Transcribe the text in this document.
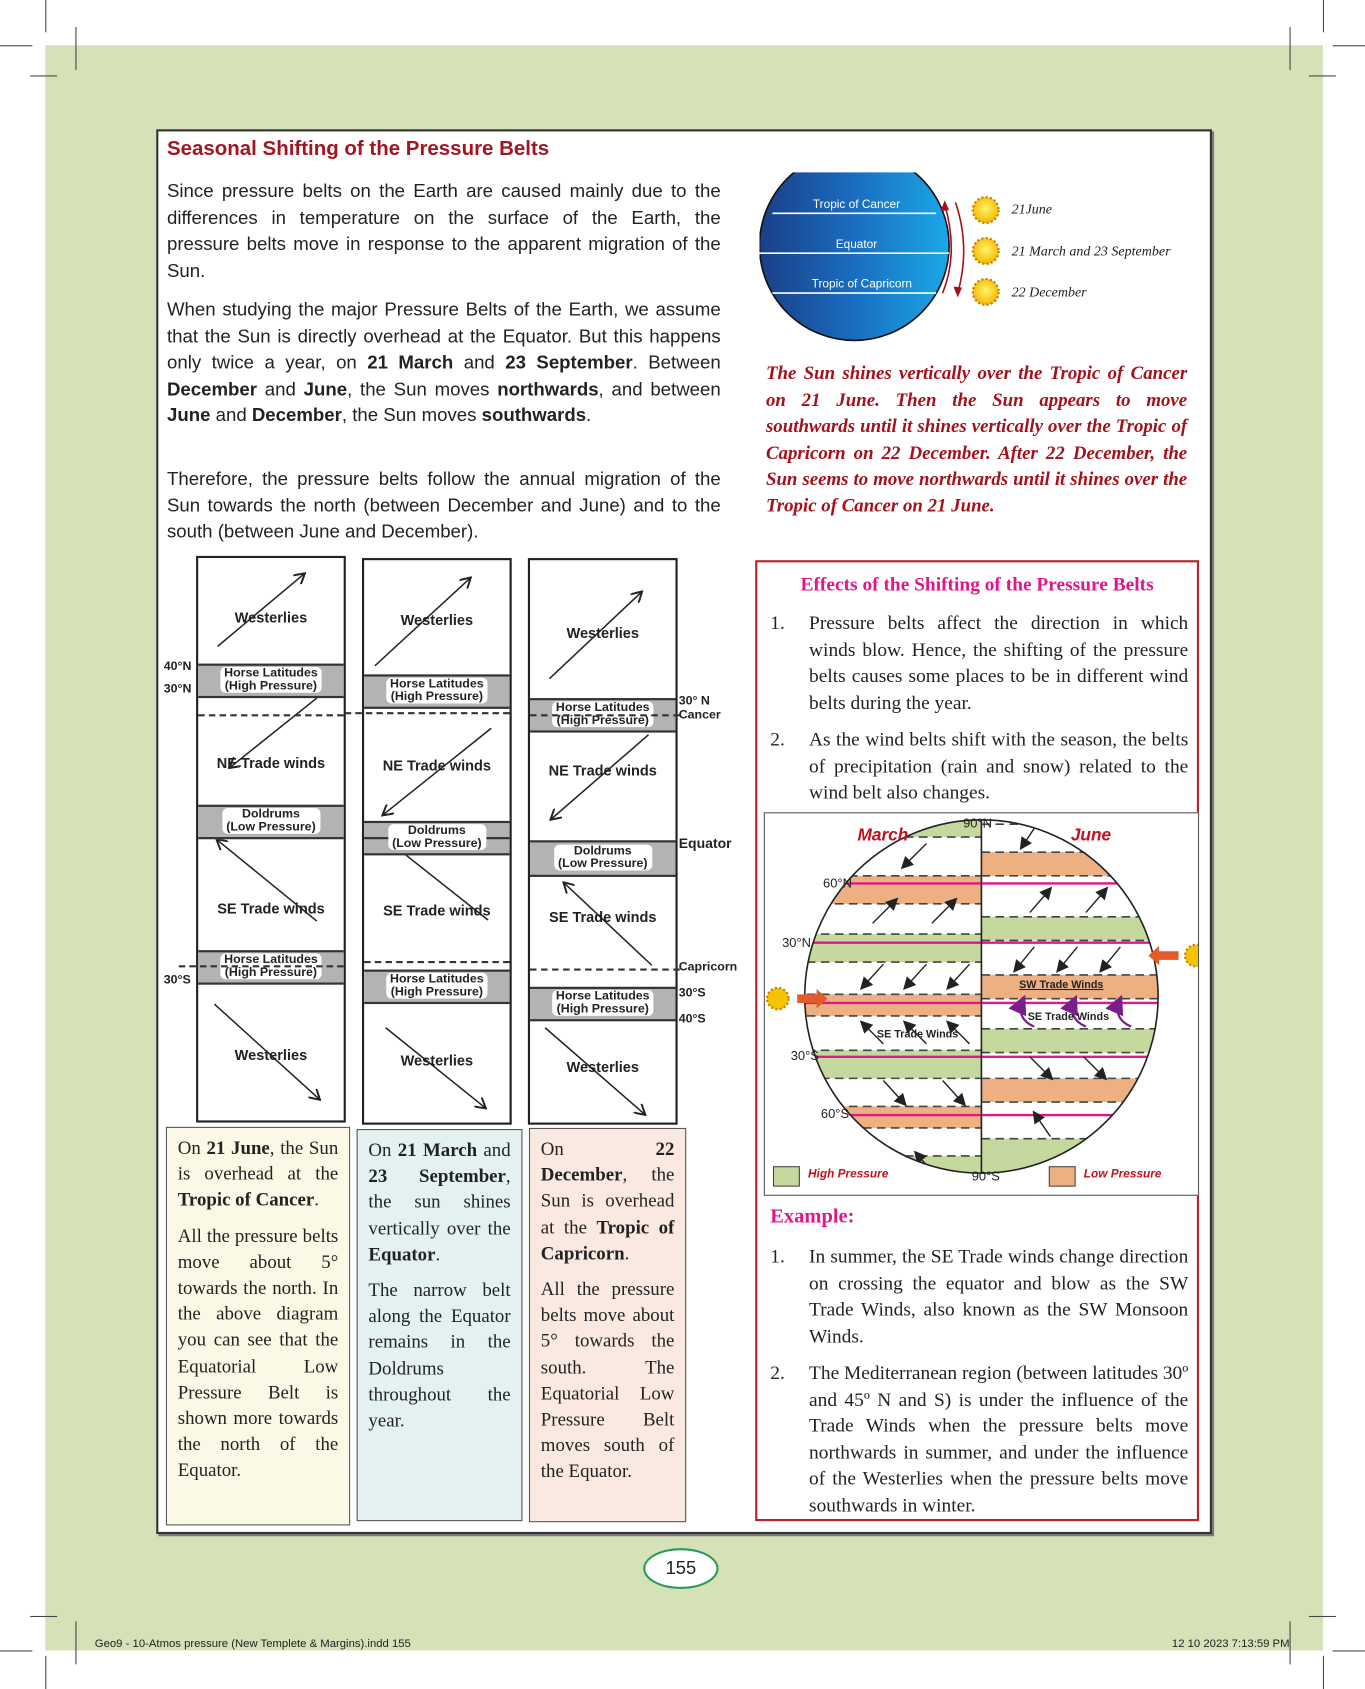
Seasonal Shifting of the Pressure Belts

Since pressure belts on the Earth are caused mainly due to the differences in temperature on the surface of the Earth, the pressure belts move in response to the apparent migration of the Sun.

When studying the major Pressure Belts of the Earth, we assume that the Sun is directly overhead at the Equator. But this happens only twice a year, on 21 March and 23 September. Between December and June, the Sun moves northwards, and between June and December, the Sun moves southwards.

Therefore, the pressure belts follow the annual migration of the Sun towards the north (between December and June) and to the south (between June and December).

Tropic of Cancer
Equator
Tropic of Capricorn
21June
21 March and 23 September
22 December

The Sun shines vertically over the Tropic of Cancer on 21 June. Then the Sun appears to move southwards until it shines vertically over the Tropic of Capricorn on 22 December. After 22 December, the Sun seems to move northwards until it shines over the Tropic of Cancer on 21 June.

Westerlies
Horse Latitudes
(High Pressure)
NE Trade winds
Doldrums
(Low Pressure)
SE Trade winds
Horse Latitudes
(High Pressure)
Westerlies
40°N
30°N
30°S
Westerlies
Horse Latitudes
(High Pressure)
NE Trade winds
Doldrums
(Low Pressure)
SE Trade winds
Horse Latitudes
(High Pressure)
Westerlies
Westerlies
Horse Latitudes
(High Pressure)
NE Trade winds
Doldrums
(Low Pressure)
SE Trade winds
Horse Latitudes
(High Pressure)
Westerlies
30° N
Cancer
Equator
Capricorn
30°S
40°S

On 21 June, the Sun is overhead at the Tropic of Cancer.

All the pressure belts move about 5° towards the north. In the above diagram you can see that the Equatorial Low Pressure Belt is shown more towards the north of the Equator.

On 21 March and 23 September, the sun shines vertically over the Equator.

The narrow belt along the Equator remains in the Doldrums throughout the year.

On 22 December, the Sun is overhead at the Tropic of Capricorn.

All the pressure belts move about 5° towards the south. The Equatorial Low Pressure Belt moves south of the Equator.

Effects of the Shifting of the Pressure Belts
1. Pressure belts affect the direction in which winds blow. Hence, the shifting of the pressure belts causes some places to be in different wind belts during the year.
2. As the wind belts shift with the season, the belts of precipitation (rain and snow) related to the wind belt also changes.
March	June
90°N
60°N
30°N
30°S
60°S
90°S
SW Trade Winds
SE Trade Winds
SE Trade Winds
High Pressure	Low Pressure
Example:
1. In summer, the SE Trade winds change direction on crossing the equator and blow as the SW Trade Winds, also known as the SW Monsoon Winds.
2. The Mediterranean region (between latitudes 30º and 45º N and S) is under the influence of the Trade Winds when the pressure belts move northwards in summer, and under the influence of the Westerlies when the pressure belts move southwards in winter.
155
Geo9 - 10-Atmos pressure (New Templete & Margins).indd 155	12 10 2023 7:13:59 PM
